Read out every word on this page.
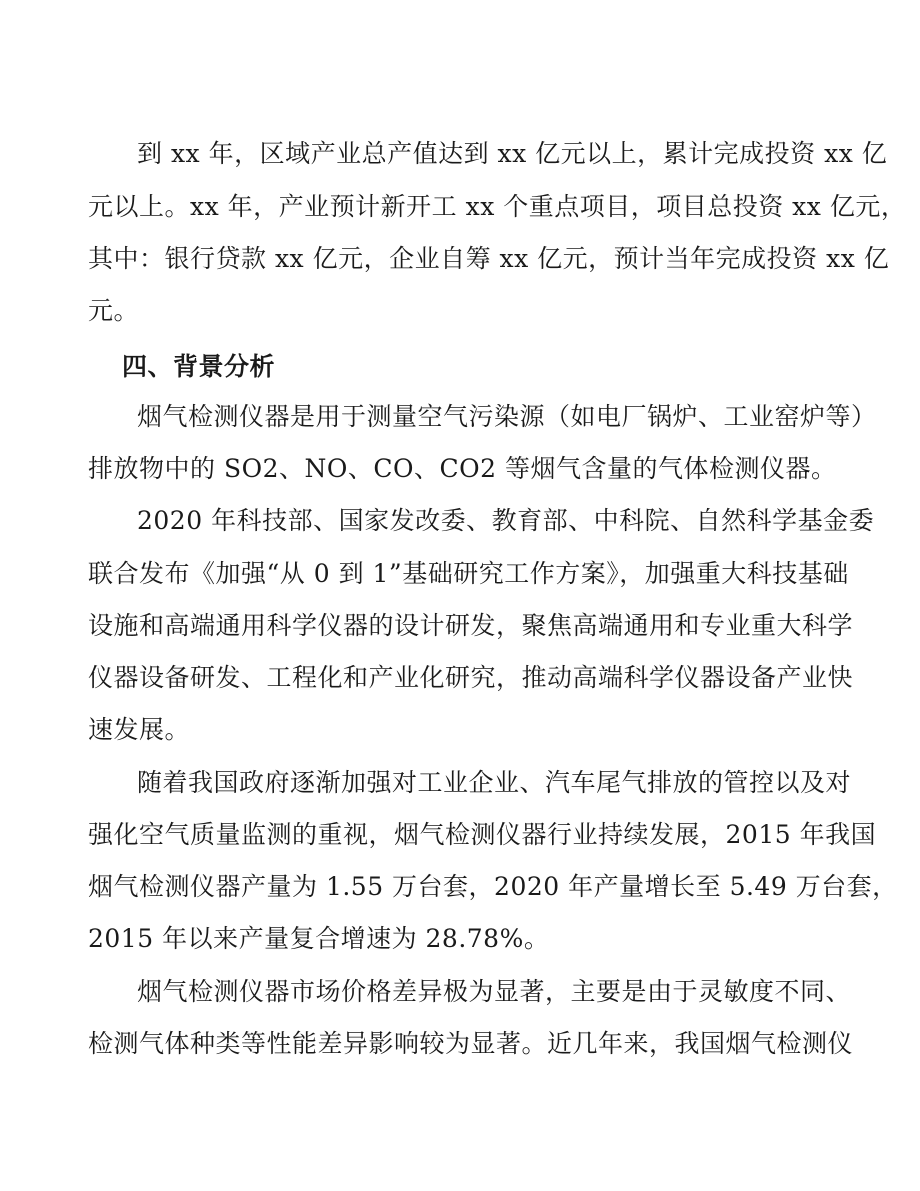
到 xx 年，区域产业总产值达到 xx 亿元以上，累计完成投资 xx 亿
元以上。xx 年，产业预计新开工 xx 个重点项目，项目总投资 xx 亿元，
其中：银行贷款 xx 亿元，企业自筹 xx 亿元，预计当年完成投资 xx 亿
元。
四、背景分析
烟气检测仪器是用于测量空气污染源（如电厂锅炉、工业窑炉等）
排放物中的 SO2、NO、CO、CO2 等烟气含量的气体检测仪器。
2020 年科技部、国家发改委、教育部、中科院、自然科学基金委
联合发布《加强“从 0 到 1”基础研究工作方案》，加强重大科技基础
设施和高端通用科学仪器的设计研发，聚焦高端通用和专业重大科学
仪器设备研发、工程化和产业化研究，推动高端科学仪器设备产业快
速发展。
随着我国政府逐渐加强对工业企业、汽车尾气排放的管控以及对
强化空气质量监测的重视，烟气检测仪器行业持续发展，2015 年我国
烟气检测仪器产量为 1.55 万台套，2020 年产量增长至 5.49 万台套，
2015 年以来产量复合增速为 28.78%。
烟气检测仪器市场价格差异极为显著，主要是由于灵敏度不同、
检测气体种类等性能差异影响较为显著。近几年来，我国烟气检测仪
